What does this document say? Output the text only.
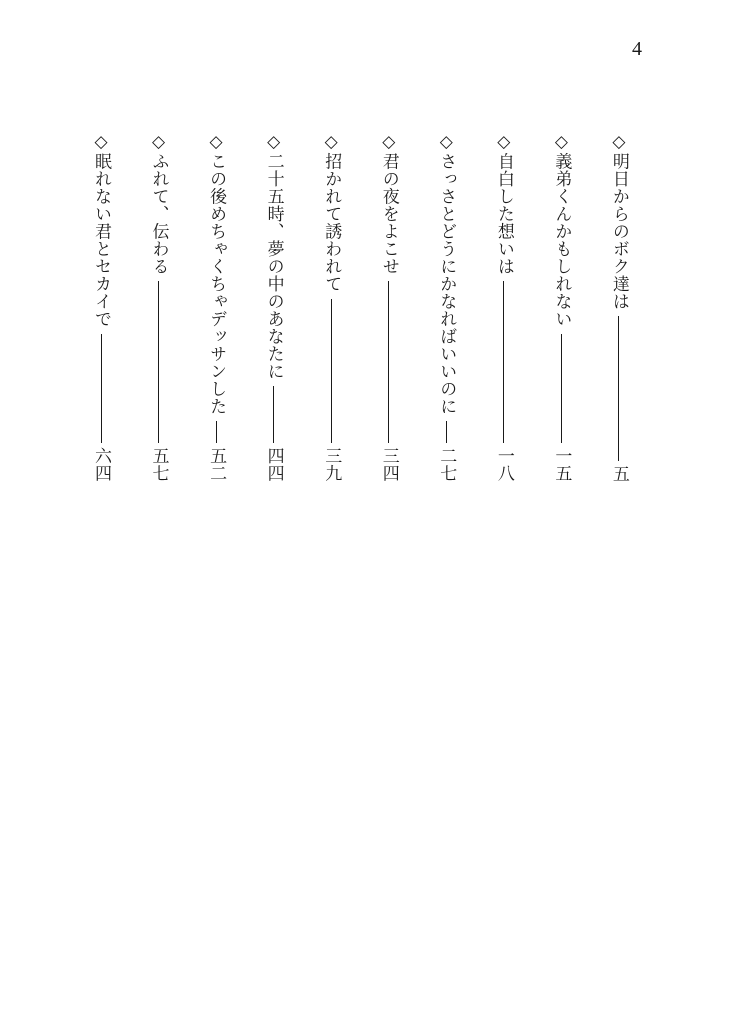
4
◇明日からのボク達は
五
◇義弟くんかもしれない
一五
◇自白した想いは
一八
◇さっさとどうにかなればいいのに
二七
◇君の夜をよこせ
三四
◇招かれて誘われて
三九
◇二十五時、夢の中のあなたに
四四
◇この後めちゃくちゃデッサンした
五二
◇ふれて、伝わる
五七
◇眠れない君とセカイで
六四
